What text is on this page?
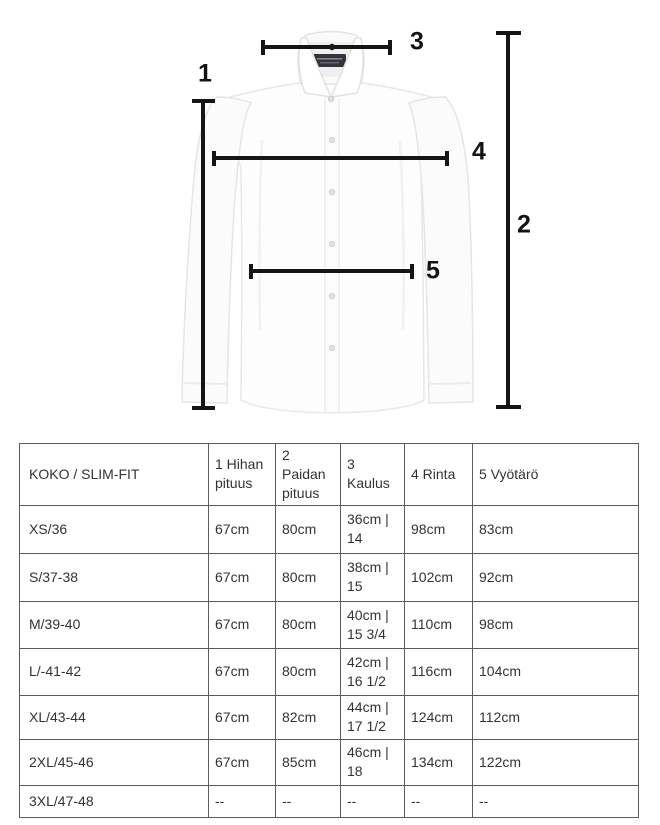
1
2
3
4
5
KOKO / SLIM-FIT	1 Hihan pituus	2 Paidan pituus	3 Kaulus	4 Rinta	5 Vyötärö
XS/36	67cm	80cm	36cm | 14	98cm	83cm
S/37-38	67cm	80cm	38cm | 15	102cm	92cm
M/39-40	67cm	80cm	40cm | 15 3/4	110cm	98cm
L/-41-42	67cm	80cm	42cm | 16 1/2	116cm	104cm
XL/43-44	67cm	82cm	44cm | 17 1/2	124cm	112cm
2XL/45-46	67cm	85cm	46cm | 18	134cm	122cm
3XL/47-48	--	--	--	--	--
